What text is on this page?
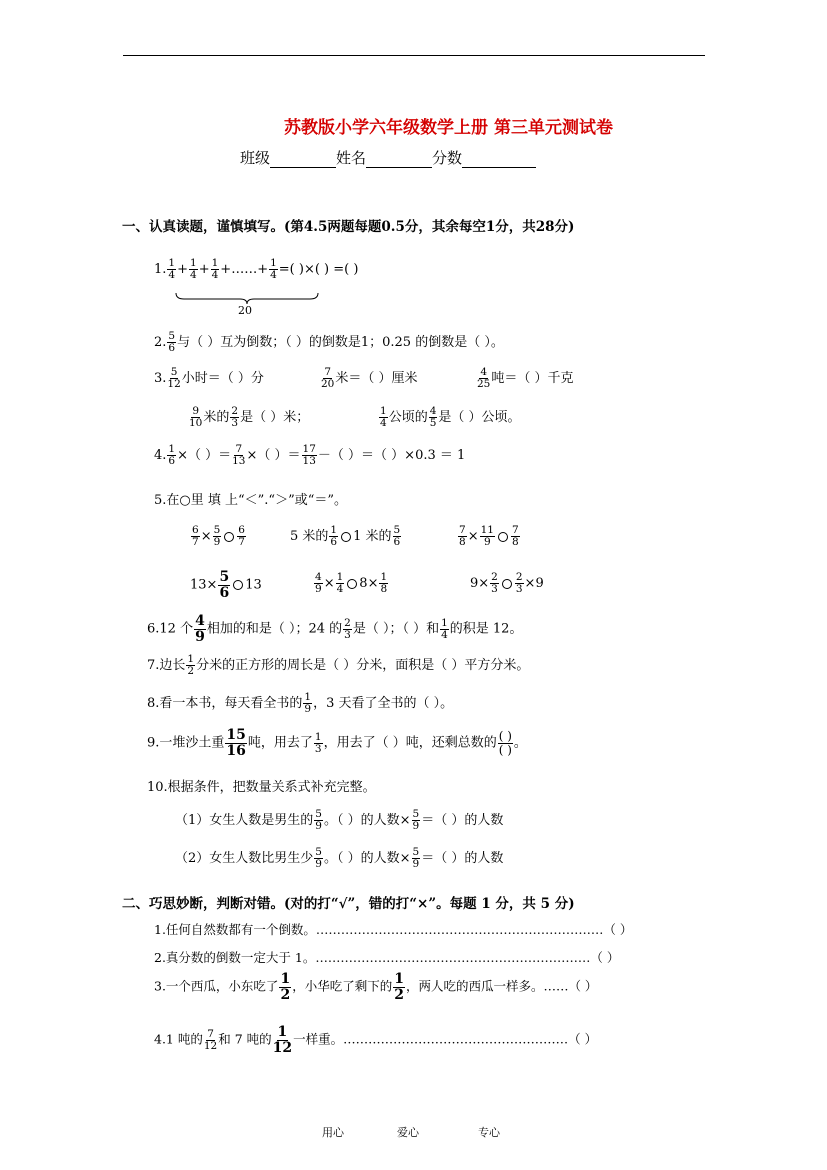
苏教版小学六年级数学上册 第三单元测试卷
班级	姓名	分数
一、认真读题，谨慎填写。(第4.5两题每题0.5分，其余每空1分，共28分)
1. $\frac{1}{4} + \frac{1}{4} + \frac{1}{4}$ +……+ $\frac{1}{4}$ =( )×( ) =( )
20
2. $\frac{5}{6}$ 与（ ）互为倒数；（ ）的倒数是1；0.25 的倒数是（ ）。
3. $\frac{5}{12}$ 小时＝（ ）分	$\frac{7}{20}$ 米＝（ ）厘米	$\frac{4}{25}$ 吨＝（ ）千克
$\frac{9}{10}$ 米的 $\frac{2}{3}$ 是（ ）米；	$\frac{1}{4}$ 公顷的 $\frac{4}{5}$ 是（ ）公顷。
4. $\frac{1}{6}$ ×（ ）＝ $\frac{7}{13}$ ×（ ）＝ $\frac{17}{13}$ －（ ）＝（ ）×0.3 ＝ 1
5.在○里 填 上“＜”.“＞”或“＝”。
$\frac{6}{7} \times \frac{5}{9} \frac{6}{7}$	5 米的 $\frac{1}{6} 1$ 米的 $\frac{5}{6}$	$\frac{7}{8} \times \frac{11}{9} \frac{7}{8}$
$13\times \frac{5}{6} 13$	$\frac{4}{9} \times \frac{1}{4} 8\times \frac{1}{8}$	$9\times \frac{2}{3} \frac{2}{3} \times 9$
6.12 个 $\frac{4}{9}$ 相加的和是（ ）；24 的 $\frac{2}{3}$ 是（ ）；（ ）和 $\frac{1}{4}$ 的积是 12。
7.边长 $\frac{1}{2}$ 分米的正方形的周长是（ ）分米，面积是（ ）平方分米。
8.看一本书，每天看全书的 $\frac{1}{9}$ ，3 天看了全书的（ ）。
9.一堆沙土重 $\frac{15}{16}$ 吨，用去了 $\frac{1}{3}$ ，用去了（ ）吨，还剩总数的 ( )
( ) 。
10.根据条件，把数量关系式补充完整。
（1）女生人数是男生的 $\frac{5}{9}$ 。（ ）的人数× $\frac{5}{9}$ ＝（ ）的人数
（2）女生人数比男生少 $\frac{5}{9}$ 。（ ）的人数× $\frac{5}{9}$ ＝（ ）的人数
二、巧思妙断，判断对错。(对的打“√”，错的打“×”。每题 1 分，共 5 分)
1.任何自然数都有一个倒数。……………………………………………………………（ ）
2.真分数的倒数一定大于 1。…………………………………………………………（ ）
3.一个西瓜，小东吃了 $\frac{1}{2}$ ，小华吃了剩下的 $\frac{1}{2}$ ，两人吃的西瓜一样多。……（ ）
4.1 吨的 $\frac{7}{12}$ 和 7 吨的 $\frac{1}{12}$ 一样重。………………………………………………（ ）
用心	爱心	专心
